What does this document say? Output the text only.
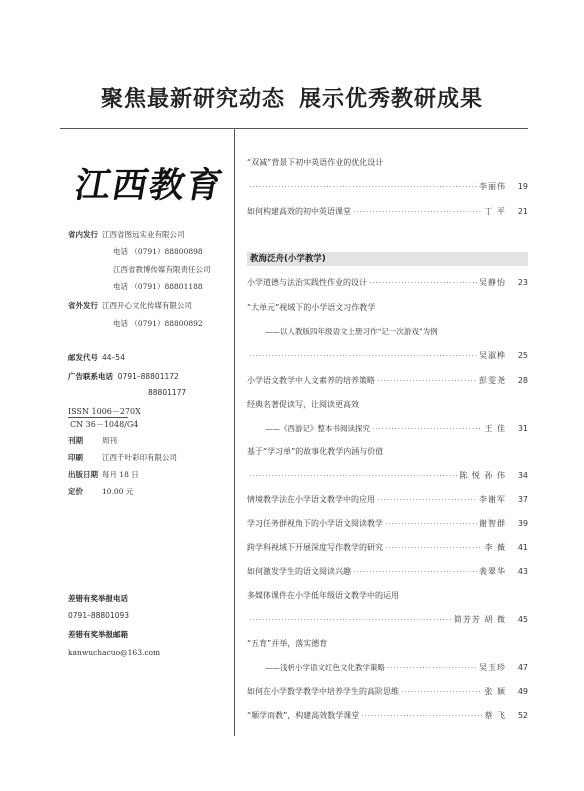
聚焦最新研究动态 展示优秀教研成果
江西教育
省内发行 江西省图远实业有限公司
电话 （0791）88800898
江西省教博传媒有限责任公司
电话 （0791）88801188
省外发行 江西开心文化传媒有限公司
电话 （0791）88800892
邮发代号 44–54
广告联系电话 0791–88801172
88801177
ISSN 1006－270X
CN 36－1048/G4
刊期	周刊
印刷	江西千叶彩印有限公司
出版日期 每月 18 日
定价	10.00 元
差错有奖举报电话
0791–88801093
差错有奖举报邮箱
kanwuchacuo@163.com
“双减”背景下初中英语作业的优化设计
·····
李丽伟	19
如何构建高效的初中英语课堂 ·····	丁 平	21
小学道德与法治实践性作业的设计 ·····	吴静怡	23
“大单元”视域下的小学语文习作教学
——以人教版四年级语文上册习作“记一次游戏”为例
·····
吴淑桦	25
小学语文教学中人文素养的培养策略 ·····	彭雯尧	28
经典名著促读写，让阅读更高效
——《西游记》整本书阅读探究 ·····	王 佳	31
基于“学习单”的故事化教学内涵与价值
·····
陈 悦 孙 伟	34
情境教学法在小学语文教学中的应用 ·····	李谢军	37
学习任务群视角下的小学语文阅读教学 ·····	谢智群	39
跨学科视域下开展深度写作教学的研究 ·····	李 薇	41
如何激发学生的语文阅读兴趣 ·····	裴翠华	43
多媒体课件在小学低年级语文教学中的运用
·····
简芳芳 胡 微	45
“五育”并举，落实德育
——浅析小学语文红色文化教学策略 ·····	吴玉珍	47
如何在小学数学教学中培养学生的高阶思维 ·····	张 颖	49
“顺学而教”，构建高效数学课堂 ·····	蔡 飞	52
教海泛舟(小学教学)
